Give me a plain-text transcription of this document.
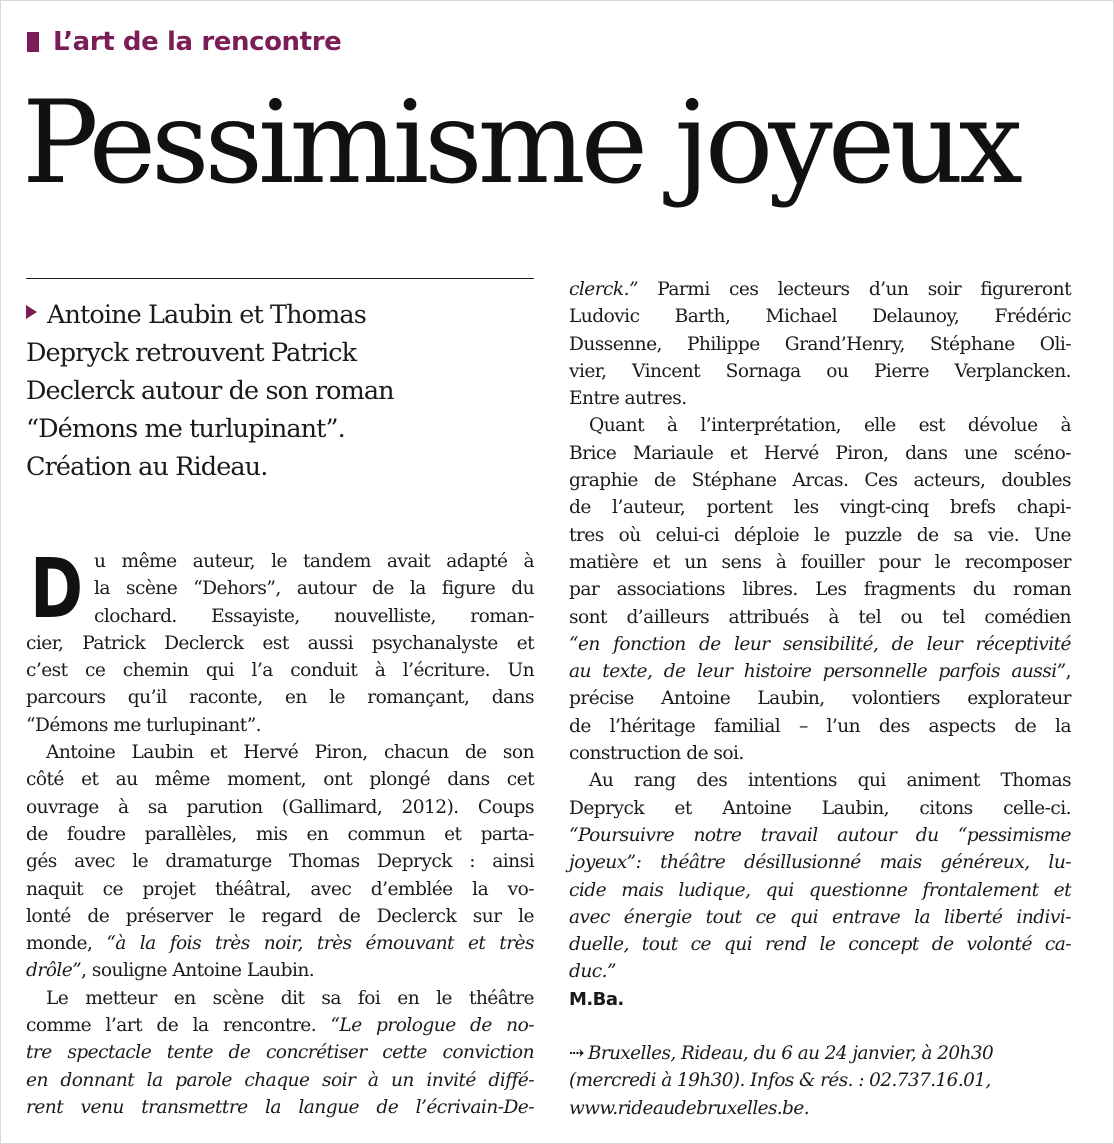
L’art de la rencontre
Pessimisme joyeux
Antoine Laubin et Thomas
Depryck retrouvent Patrick
Declerck autour de son roman
“Démons me turlupinant”.
Création au Rideau.
D u même auteur, le tandem avait adapté à
la scène “Dehors”, autour de la figure du
clochard. Essayiste, nouvelliste, roman-
cier, Patrick Declerck est aussi psychanalyste et
c’est ce chemin qui l’a conduit à l’écriture. Un
parcours qu’il raconte, en le romançant, dans
“Démons me turlupinant”.
Antoine Laubin et Hervé Piron, chacun de son
côté et au même moment, ont plongé dans cet
ouvrage à sa parution (Gallimard, 2012). Coups
de foudre parallèles, mis en commun et parta-
gés avec le dramaturge Thomas Depryck : ainsi
naquit ce projet théâtral, avec d’emblée la vo-
lonté de préserver le regard de Declerck sur le
monde, “à la fois très noir, très émouvant et très
drôle”, souligne Antoine Laubin.
Le metteur en scène dit sa foi en le théâtre
comme l’art de la rencontre. “Le prologue de no-
tre spectacle tente de concrétiser cette conviction
en donnant la parole chaque soir à un invité diffé-
rent venu transmettre la langue de l’écrivain-De-
clerck.” Parmi ces lecteurs d’un soir figureront
Ludovic Barth, Michael Delaunoy, Frédéric
Dussenne, Philippe Grand’Henry, Stéphane Oli-
vier, Vincent Sornaga ou Pierre Verplancken.
Entre autres.
Quant à l’interprétation, elle est dévolue à
Brice Mariaule et Hervé Piron, dans une scéno-
graphie de Stéphane Arcas. Ces acteurs, doubles
de l’auteur, portent les vingt-cinq brefs chapi-
tres où celui-ci déploie le puzzle de sa vie. Une
matière et un sens à fouiller pour le recomposer
par associations libres. Les fragments du roman
sont d’ailleurs attribués à tel ou tel comédien
“en fonction de leur sensibilité, de leur réceptivité
au texte, de leur histoire personnelle parfois aussi”,
précise Antoine Laubin, volontiers explorateur
de l’héritage familial – l’un des aspects de la
construction de soi.
Au rang des intentions qui animent Thomas
Depryck et Antoine Laubin, citons celle-ci.
“Poursuivre notre travail autour du “pessimisme
joyeux”: théâtre désillusionné mais généreux, lu-
cide mais ludique, qui questionne frontalement et
avec énergie tout ce qui entrave la liberté indivi-
duelle, tout ce qui rend le concept de volonté ca-
duc.”
M.Ba.
⇢ Bruxelles, Rideau, du 6 au 24 janvier, à 20h30
(mercredi à 19h30). Infos & rés. : 02.737.16.01,
www.rideaudebruxelles.be.
